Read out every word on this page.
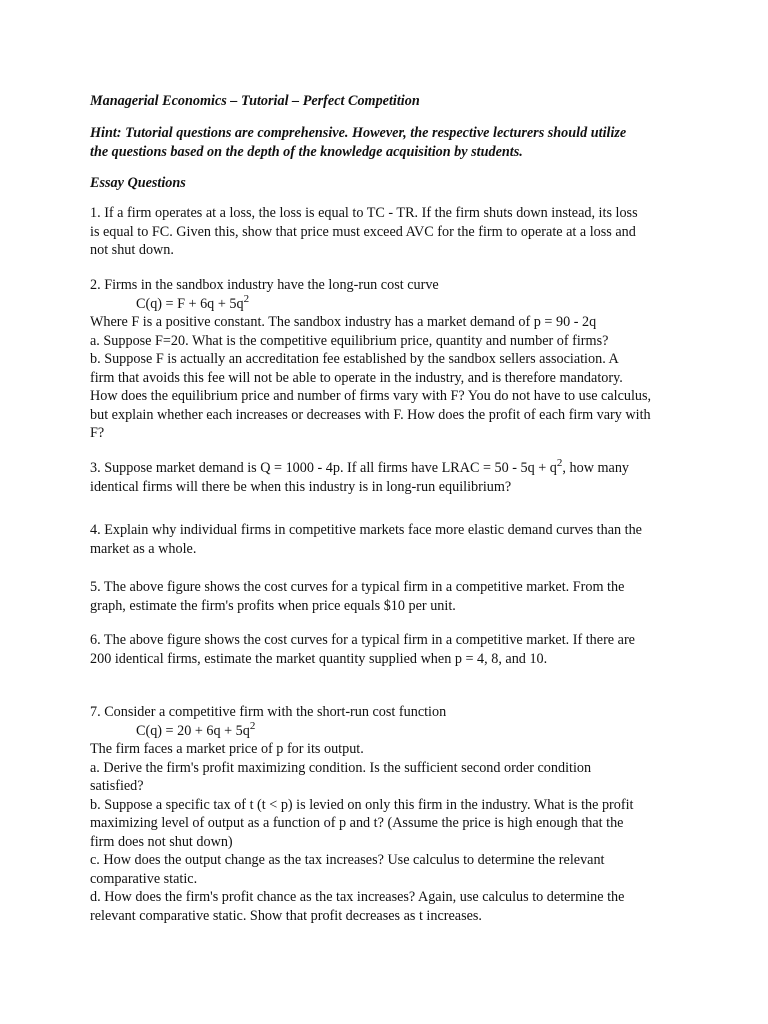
Managerial Economics – Tutorial – Perfect Competition
Hint: Tutorial questions are comprehensive. However, the respective lecturers should utilize
the questions based on the depth of the knowledge acquisition by students.
Essay Questions
1. If a firm operates at a loss, the loss is equal to TC - TR. If the firm shuts down instead, its loss
is equal to FC. Given this, show that price must exceed AVC for the firm to operate at a loss and
not shut down.
2. Firms in the sandbox industry have the long-run cost curve
$C(q) = F + 6q + 5q^2$
Where F is a positive constant. The sandbox industry has a market demand of p = 90 - 2q
a. Suppose F=20. What is the competitive equilibrium price, quantity and number of firms?
b. Suppose F is actually an accreditation fee established by the sandbox sellers association. A
firm that avoids this fee will not be able to operate in the industry, and is therefore mandatory.
How does the equilibrium price and number of firms vary with F? You do not have to use calculus,
but explain whether each increases or decreases with F. How does the profit of each firm vary with
F?
3. Suppose market demand is Q = 1000 - 4p. If all firms have LRAC = $50 - 5q + q^2$, how many
identical firms will there be when this industry is in long-run equilibrium?
4. Explain why individual firms in competitive markets face more elastic demand curves than the
market as a whole.
5. The above figure shows the cost curves for a typical firm in a competitive market. From the
graph, estimate the firm's profits when price equals $10 per unit.
6. The above figure shows the cost curves for a typical firm in a competitive market. If there are
200 identical firms, estimate the market quantity supplied when p = 4, 8, and 10.
7. Consider a competitive firm with the short-run cost function
$C(q) = 20 + 6q + 5q^2$
The firm faces a market price of p for its output.
a. Derive the firm's profit maximizing condition. Is the sufficient second order condition
satisfied?
b. Suppose a specific tax of t (t < p) is levied on only this firm in the industry. What is the profit
maximizing level of output as a function of p and t? (Assume the price is high enough that the
firm does not shut down)
c. How does the output change as the tax increases? Use calculus to determine the relevant
comparative static.
d. How does the firm's profit chance as the tax increases? Again, use calculus to determine the
relevant comparative static. Show that profit decreases as t increases.
